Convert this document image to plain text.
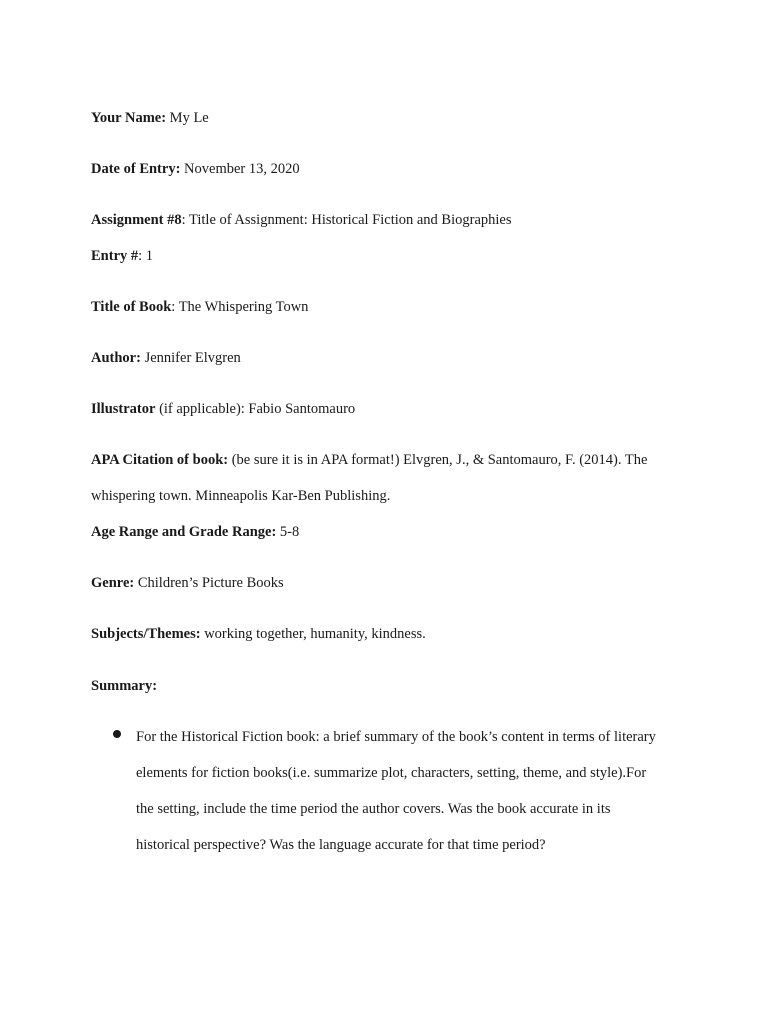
Your Name: My Le
Date of Entry: November 13, 2020
Assignment #8: Title of Assignment: Historical Fiction and Biographies
Entry #: 1
Title of Book: The Whispering Town
Author: Jennifer Elvgren
Illustrator (if applicable): Fabio Santomauro
APA Citation of book: (be sure it is in APA format!) Elvgren, J., & Santomauro, F. (2014). The
whispering town. Minneapolis Kar-Ben Publishing.
Age Range and Grade Range: 5-8
Genre: Children’s Picture Books
Subjects/Themes: working together, humanity, kindness.
Summary:
For the Historical Fiction book: a brief summary of the book’s content in terms of literary
elements for fiction books(i.e. summarize plot, characters, setting, theme, and style).For
the setting, include the time period the author covers. Was the book accurate in its
historical perspective? Was the language accurate for that time period?
